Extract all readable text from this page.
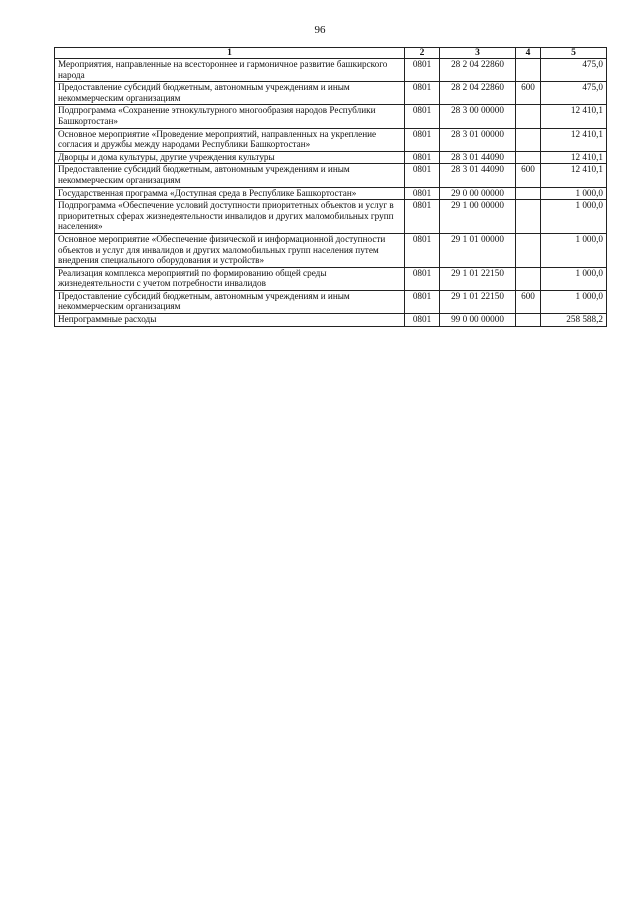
96
1	2	3	4	5
Мероприятия, направленные на всестороннее и гармоничное развитие башкирского народа	0801	28 2 04 22860		475,0
Предоставление субсидий бюджетным, автономным учреждениям и иным некоммерческим организациям	0801	28 2 04 22860	600	475,0
Подпрограмма «Сохранение этнокультурного многообразия народов Республики Башкортостан»	0801	28 3 00 00000		12 410,1
Основное мероприятие «Проведение мероприятий, направленных на укрепление согласия и дружбы между народами Республики Башкортостан»	0801	28 3 01 00000		12 410,1
Дворцы и дома культуры, другие учреждения культуры	0801	28 3 01 44090		12 410,1
Предоставление субсидий бюджетным, автономным учреждениям и иным некоммерческим организациям	0801	28 3 01 44090	600	12 410,1
Государственная программа «Доступная среда в Республике Башкортостан»	0801	29 0 00 00000		1 000,0
Подпрограмма «Обеспечение условий доступности приоритетных объектов и услуг в приоритетных сферах жизнедеятельности инвалидов и других маломобильных групп населения»	0801	29 1 00 00000		1 000,0
Основное мероприятие «Обеспечение физической и информационной доступности объектов и услуг для инвалидов и других маломобильных групп населения путем внедрения специального оборудования и устройств»	0801	29 1 01 00000		1 000,0
Реализация комплекса мероприятий по формированию общей среды жизнедеятельности с учетом потребности инвалидов	0801	29 1 01 22150		1 000,0
Предоставление субсидий бюджетным, автономным учреждениям и иным некоммерческим организациям	0801	29 1 01 22150	600	1 000,0
Непрограммные расходы	0801	99 0 00 00000		258 588,2
